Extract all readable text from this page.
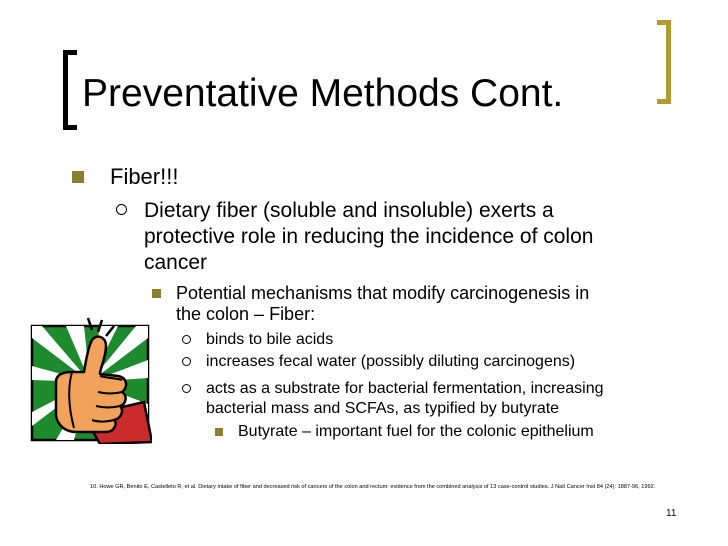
Preventative Methods Cont.
Fiber!!!
Dietary fiber (soluble and insoluble) exerts a
protective role in reducing the incidence of colon
cancer
Potential mechanisms that modify carcinogenesis in
the colon – Fiber:
binds to bile acids
increases fecal water (possibly diluting carcinogens)
acts as a substrate for bacterial fermentation, increasing
bacterial mass and SCFAs, as typified by butyrate
Butyrate – important fuel for the colonic epithelium
10. Howe GR, Benito E, Castelleto R, et al. Dietary intake of fiber and decreased risk of cancers of the colon and rectum: evidence from the combined analysis of 13 case-control studies. J Natl Cancer Inst 84 (24): 1887-96, 1992.
11
